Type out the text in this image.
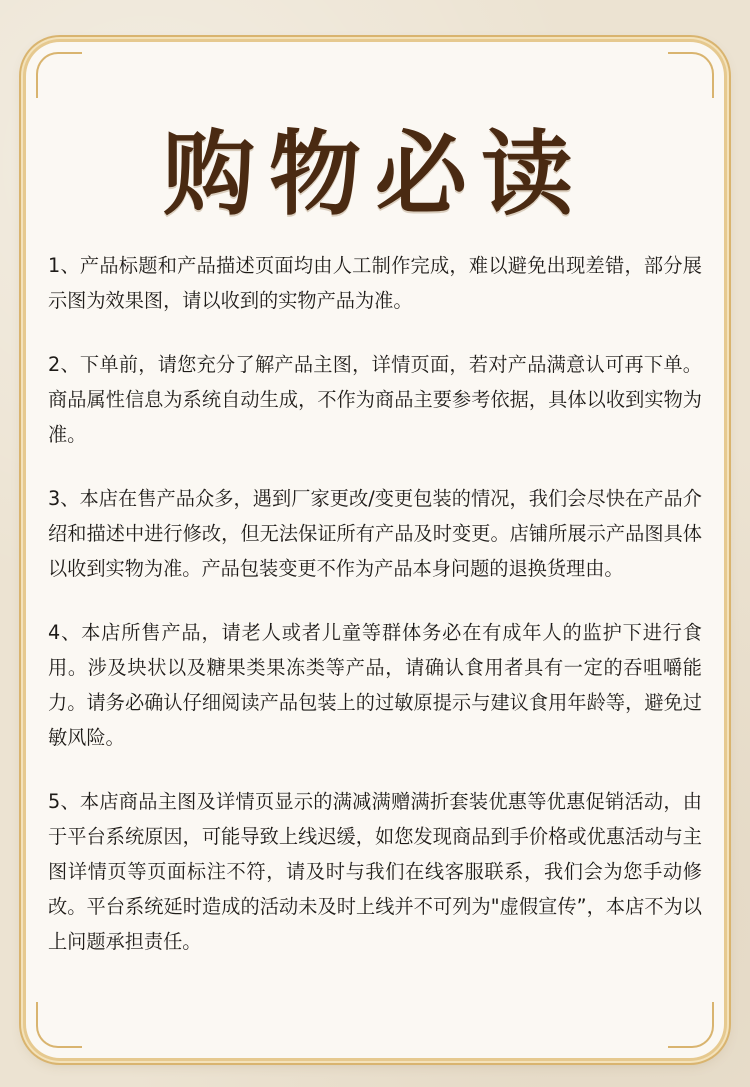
购物必读

1、产品标题和产品描述页面均由人工制作完成，难以避免出现差错，部分展示图为效果图，请以收到的实物产品为准。

2、下单前，请您充分了解产品主图，详情页面，若对产品满意认可再下单。商品属性信息为系统自动生成，不作为商品主要参考依据，具体以收到实物为准。

3、本店在售产品众多，遇到厂家更改/变更包装的情况，我们会尽快在产品介绍和描述中进行修改，但无法保证所有产品及时变更。店铺所展示产品图具体以收到实物为准。产品包装变更不作为产品本身问题的退换货理由。

4、本店所售产品，请老人或者儿童等群体务必在有成年人的监护下进行食用。涉及块状以及糖果类果冻类等产品，请确认食用者具有一定的吞咀嚼能力。请务必确认仔细阅读产品包装上的过敏原提示与建议食用年龄等，避免过敏风险。

5、本店商品主图及详情页显示的满减满赠满折套装优惠等优惠促销活动，由于平台系统原因，可能导致上线迟缓，如您发现商品到手价格或优惠活动与主图详情页等页面标注不符，请及时与我们在线客服联系，我们会为您手动修改。平台系统延时造成的活动未及时上线并不可列为"虚假宣传”，本店不为以上问题承担责任。
